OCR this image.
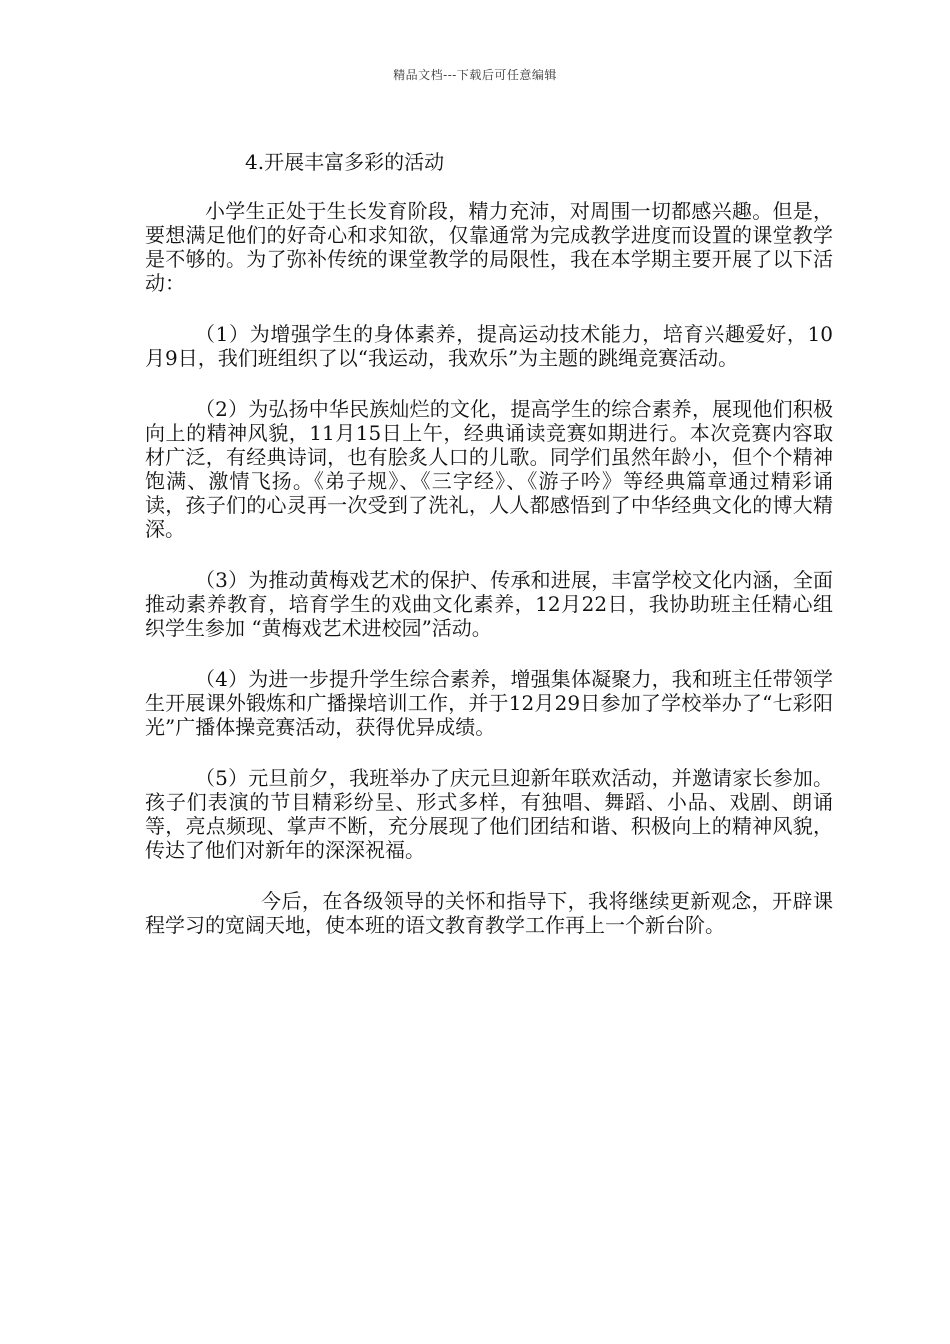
精品文档---下载后可任意编辑
4.开展丰富多彩的活动

小学生正处于生长发育阶段，精力充沛，对周围一切都感兴趣。但是，要想满足他们的好奇心和求知欲，仅靠通常为完成教学进度而设置的课堂教学是不够的。为了弥补传统的课堂教学的局限性，我在本学期主要开展了以下活动：

（1）为增强学生的身体素养，提高运动技术能力，培育兴趣爱好，10月9日，我们班组织了以“我运动，我欢乐”为主题的跳绳竞赛活动。

（2）为弘扬中华民族灿烂的文化，提高学生的综合素养，展现他们积极向上的精神风貌，11月15日上午，经典诵读竞赛如期进行。本次竞赛内容取材广泛，有经典诗词，也有脍炙人口的儿歌。同学们虽然年龄小，但个个精神饱满、激情飞扬。《弟子规》、《三字经》、《游子吟》等经典篇章通过精彩诵读，孩子们的心灵再一次受到了洗礼，人人都感悟到了中华经典文化的博大精深。

（3）为推动黄梅戏艺术的保护、传承和进展，丰富学校文化内涵，全面推动素养教育，培育学生的戏曲文化素养，12月22日，我协助班主任精心组织学生参加 “黄梅戏艺术进校园”活动。

（4）为进一步提升学生综合素养，增强集体凝聚力，我和班主任带领学生开展课外锻炼和广播操培训工作，并于12月29日参加了学校举办了“七彩阳光”广播体操竞赛活动，获得优异成绩。

（5）元旦前夕，我班举办了庆元旦迎新年联欢活动，并邀请家长参加。孩子们表演的节目精彩纷呈、形式多样，有独唱、舞蹈、小品、戏剧、朗诵等，亮点频现、掌声不断，充分展现了他们团结和谐、积极向上的精神风貌，传达了他们对新年的深深祝福。

今后，在各级领导的关怀和指导下，我将继续更新观念，开辟课程学习的宽阔天地，使本班的语文教育教学工作再上一个新台阶。
